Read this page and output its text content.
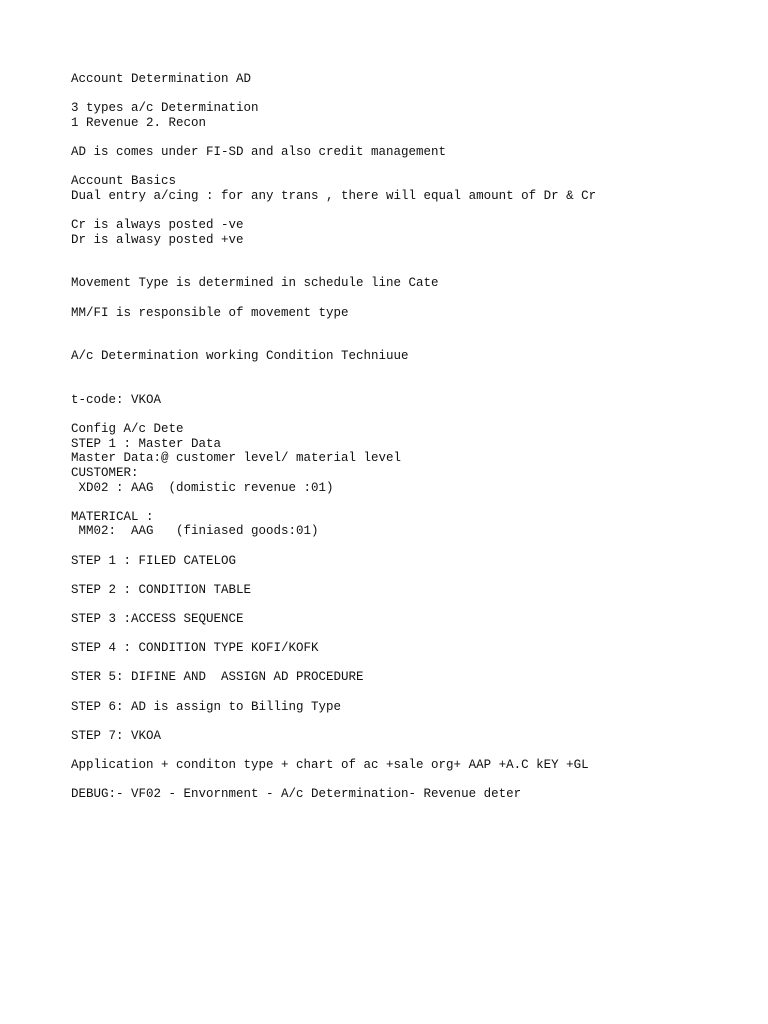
Account Determination AD
3 types a/c Determination
1 Revenue 2. Recon
AD is comes under FI-SD and also credit management
Account Basics
Dual entry a/cing : for any trans , there will equal amount of Dr & Cr
Cr is always posted -ve
Dr is alwasy posted +ve
Movement Type is determined in schedule line Cate
MM/FI is responsible of movement type
A/c Determination working Condition Techniuue
t-code: VKOA
Config A/c Dete
STEP 1 : Master Data
Master Data:@ customer level/ material level
CUSTOMER:
XD02 : AAG  (domistic revenue :01)
MATERICAL :
MM02:  AAG   (finiased goods:01)
STEP 1 : FILED CATELOG
STEP 2 : CONDITION TABLE
STEP 3 :ACCESS SEQUENCE
STEP 4 : CONDITION TYPE KOFI/KOFK
STER 5: DIFINE AND  ASSIGN AD PROCEDURE
STEP 6: AD is assign to Billing Type
STEP 7: VKOA
Application + conditon type + chart of ac +sale org+ AAP +A.C kEY +GL
DEBUG:- VF02 - Envornment - A/c Determination- Revenue deter
